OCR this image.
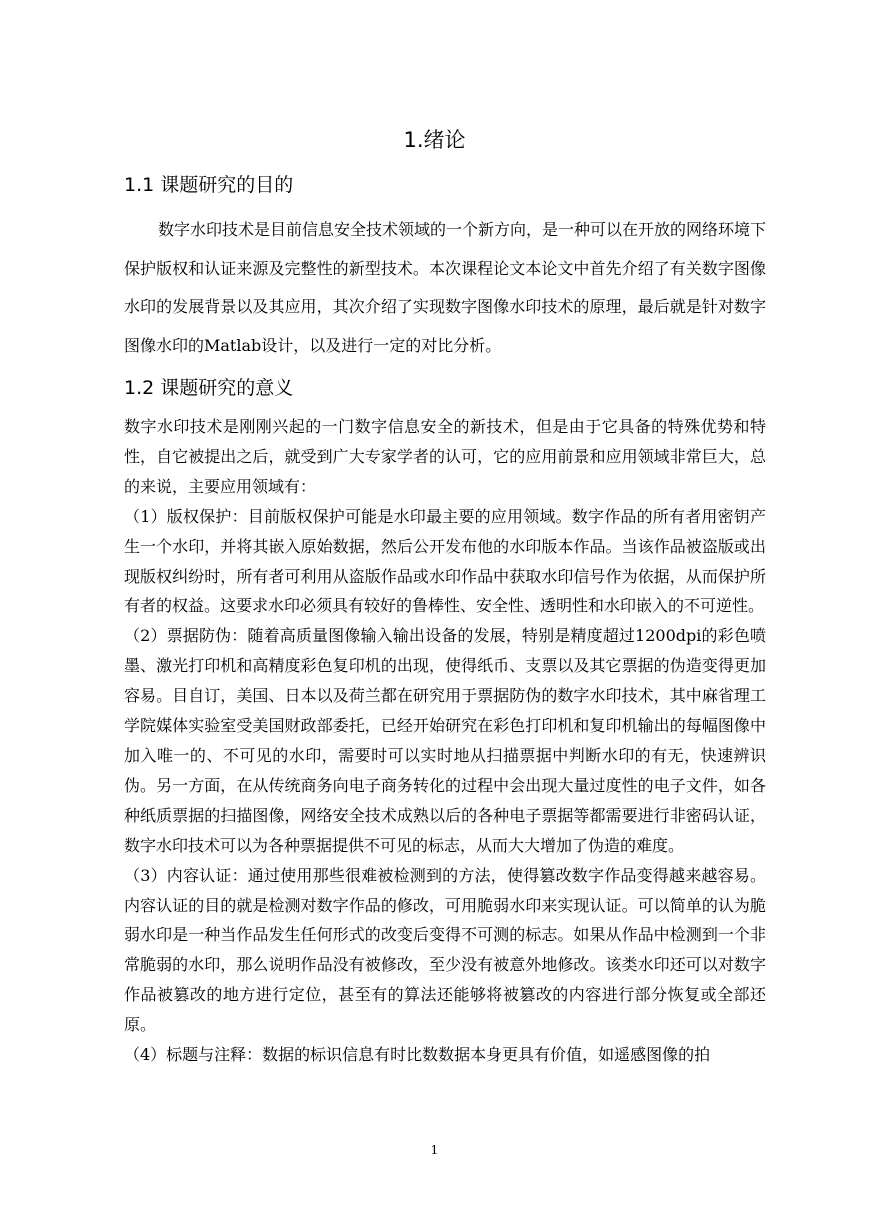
1.绪论
1.1 课题研究的目的

数字水印技术是目前信息安全技术领域的一个新方向，是一种可以在开放的网络环境下保护版权和认证来源及完整性的新型技术。本次课程论文本论文中首先介绍了有关数字图像水印的发展背景以及其应用，其次介绍了实现数字图像水印技术的原理，最后就是针对数字图像水印的Matlab设计，以及进行一定的对比分析。

1.2 课题研究的意义

数字水印技术是刚刚兴起的一门数字信息安全的新技术，但是由于它具备的特殊优势和特性，自它被提出之后，就受到广大专家学者的认可，它的应用前景和应用领域非常巨大，总的来说，主要应用领域有：

（1）版权保护：目前版权保护可能是水印最主要的应用领域。数字作品的所有者用密钥产生一个水印，并将其嵌入原始数据，然后公开发布他的水印版本作品。当该作品被盗版或出现版权纠纷时，所有者可利用从盗版作品或水印作品中获取水印信号作为依据，从而保护所有者的权益。这要求水印必须具有较好的鲁棒性、安全性、透明性和水印嵌入的不可逆性。

（2）票据防伪：随着高质量图像输入输出设备的发展，特别是精度超过1200dpi的彩色喷墨、激光打印机和高精度彩色复印机的出现，使得纸币、支票以及其它票据的伪造变得更加容易。目自订，美国、日本以及荷兰都在研究用于票据防伪的数字水印技术，其中麻省理工学院媒体实验室受美国财政部委托，已经开始研究在彩色打印机和复印机输出的每幅图像中加入唯一的、不可见的水印，需要时可以实时地从扫描票据中判断水印的有无，快速辨识伪。另一方面，在从传统商务向电子商务转化的过程中会出现大量过度性的电子文件，如各种纸质票据的扫描图像，网络安全技术成熟以后的各种电子票据等都需要进行非密码认证，数字水印技术可以为各种票据提供不可见的标志，从而大大增加了伪造的难度。

（3）内容认证：通过使用那些很难被检测到的方法，使得篡改数字作品变得越来越容易。内容认证的目的就是检测对数字作品的修改，可用脆弱水印来实现认证。可以简单的认为脆弱水印是一种当作品发生任何形式的改变后变得不可测的标志。如果从作品中检测到一个非常脆弱的水印，那么说明作品没有被修改，至少没有被意外地修改。该类水印还可以对数字作品被篡改的地方进行定位，甚至有的算法还能够将被篡改的内容进行部分恢复或全部还原。

（4）标题与注释：数据的标识信息有时比数数据本身更具有价值，如遥感图像的拍

1
